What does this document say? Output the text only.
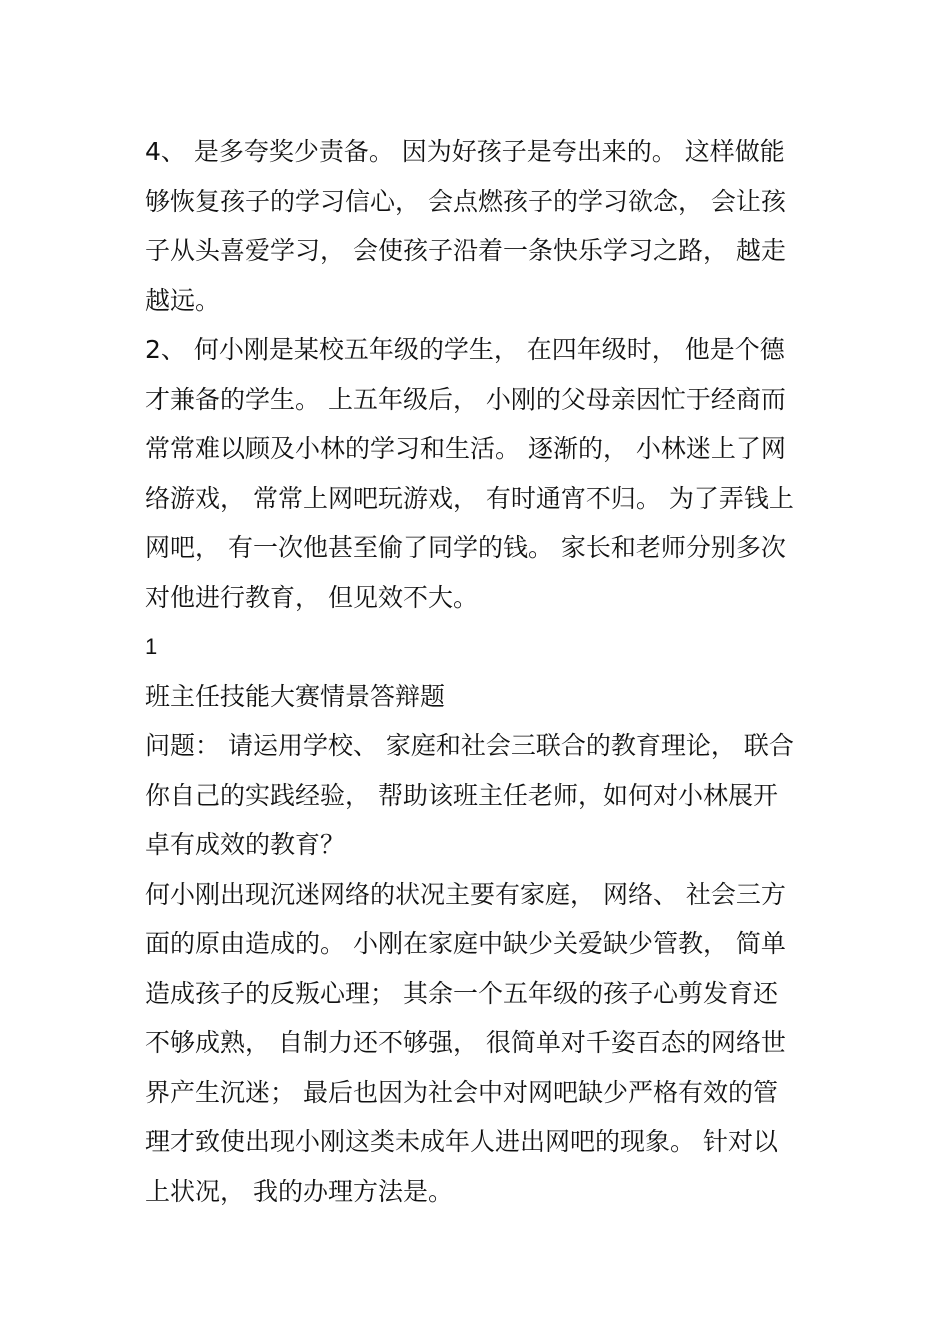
4、 是多夸奖少责备。 因为好孩子是夸出来的。 这样做能
够恢复孩子的学习信心， 会点燃孩子的学习欲念， 会让孩
子从头喜爱学习， 会使孩子沿着一条快乐学习之路， 越走
越远。
2、 何小刚是某校五年级的学生， 在四年级时， 他是个德
才兼备的学生。 上五年级后， 小刚的父母亲因忙于经商而
常常难以顾及小林的学习和生活。 逐渐的， 小林迷上了网
络游戏， 常常上网吧玩游戏， 有时通宵不归。 为了弄钱上
网吧， 有一次他甚至偷了同学的钱。 家长和老师分别多次
对他进行教育， 但见效不大。
1
班主任技能大赛情景答辩题
问题： 请运用学校、 家庭和社会三联合的教育理论， 联合
你自己的实践经验， 帮助该班主任老师，如何对小林展开
卓有成效的教育？
何小刚出现沉迷网络的状况主要有家庭， 网络、 社会三方
面的原由造成的。 小刚在家庭中缺少关爱缺少管教， 简单
造成孩子的反叛心理； 其余一个五年级的孩子心剪发育还
不够成熟， 自制力还不够强， 很简单对千姿百态的网络世
界产生沉迷； 最后也因为社会中对网吧缺少严格有效的管
理才致使出现小刚这类未成年人进出网吧的现象。 针对以
上状况， 我的办理方法是。
